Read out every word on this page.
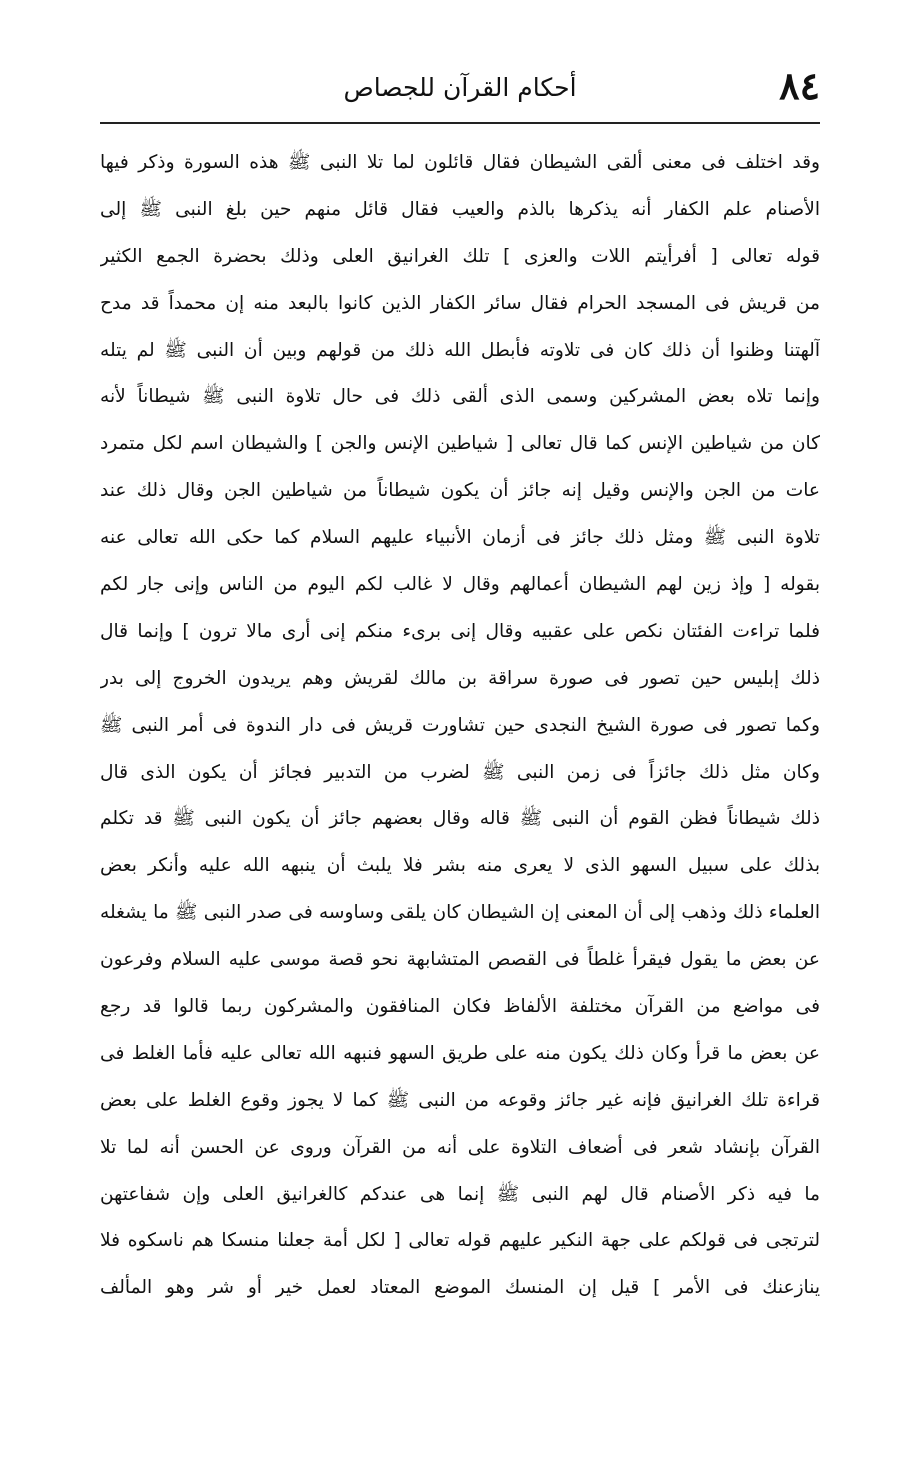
٨٤
أحكام القرآن للجصاص
وقد اختلف فى معنى ألقى الشيطان فقال قائلون لما تلا النبى ﷺ هذه السورة وذكر فيها
الأصنام علم الكفار أنه يذكرها بالذم والعيب فقال قائل منهم حين بلغ النبى ﷺ إلى
قوله تعالى [ أفرأيتم اللات والعزى ] تلك الغرانيق العلى وذلك بحضرة الجمع الكثير
من قريش فى المسجد الحرام فقال سائر الكفار الذين كانوا بالبعد منه إن محمداً قد مدح
آلهتنا وظنوا أن ذلك كان فى تلاوته فأبطل الله ذلك من قولهم وبين أن النبى ﷺ لم يتله
وإنما تلاه بعض المشركين وسمى الذى ألقى ذلك فى حال تلاوة النبى ﷺ شيطاناً لأنه
كان من شياطين الإنس كما قال تعالى [ شياطين الإنس والجن ] والشيطان اسم لكل متمرد
عات من الجن والإنس وقيل إنه جائز أن يكون شيطاناً من شياطين الجن وقال ذلك عند
تلاوة النبى ﷺ ومثل ذلك جائز فى أزمان الأنبياء عليهم السلام كما حكى الله تعالى عنه
بقوله [ وإذ زين لهم الشيطان أعمالهم وقال لا غالب لكم اليوم من الناس وإنى جار لكم
فلما تراءت الفئتان نكص على عقبيه وقال إنى برىء منكم إنى أرى مالا ترون ] وإنما قال
ذلك إبليس حين تصور فى صورة سراقة بن مالك لقريش وهم يريدون الخروج إلى بدر
وكما تصور فى صورة الشيخ النجدى حين تشاورت قريش فى دار الندوة فى أمر النبى ﷺ
وكان مثل ذلك جائزاً فى زمن النبى ﷺ لضرب من التدبير فجائز أن يكون الذى قال
ذلك شيطاناً فظن القوم أن النبى ﷺ قاله وقال بعضهم جائز أن يكون النبى ﷺ قد تكلم
بذلك على سبيل السهو الذى لا يعرى منه بشر فلا يلبث أن ينبهه الله عليه وأنكر بعض
العلماء ذلك وذهب إلى أن المعنى إن الشيطان كان يلقى وساوسه فى صدر النبى ﷺ ما يشغله
عن بعض ما يقول فيقرأ غلطاً فى القصص المتشابهة نحو قصة موسى عليه السلام وفرعون
فى مواضع من القرآن مختلفة الألفاظ فكان المنافقون والمشركون ربما قالوا قد رجع
عن بعض ما قرأ وكان ذلك يكون منه على طريق السهو فنبهه الله تعالى عليه فأما الغلط فى
قراءة تلك الغرانيق فإنه غير جائز وقوعه من النبى ﷺ كما لا يجوز وقوع الغلط على بعض
القرآن بإنشاد شعر فى أضعاف التلاوة على أنه من القرآن وروى عن الحسن أنه لما تلا
ما فيه ذكر الأصنام قال لهم النبى ﷺ إنما هى عندكم كالغرانيق العلى وإن شفاعتهن
لترتجى فى قولكم على جهة النكير عليهم قوله تعالى [ لكل أمة جعلنا منسكا هم ناسكوه فلا
ينازعنك فى الأمر ] قيل إن المنسك الموضع المعتاد لعمل خير أو شر وهو المألف
